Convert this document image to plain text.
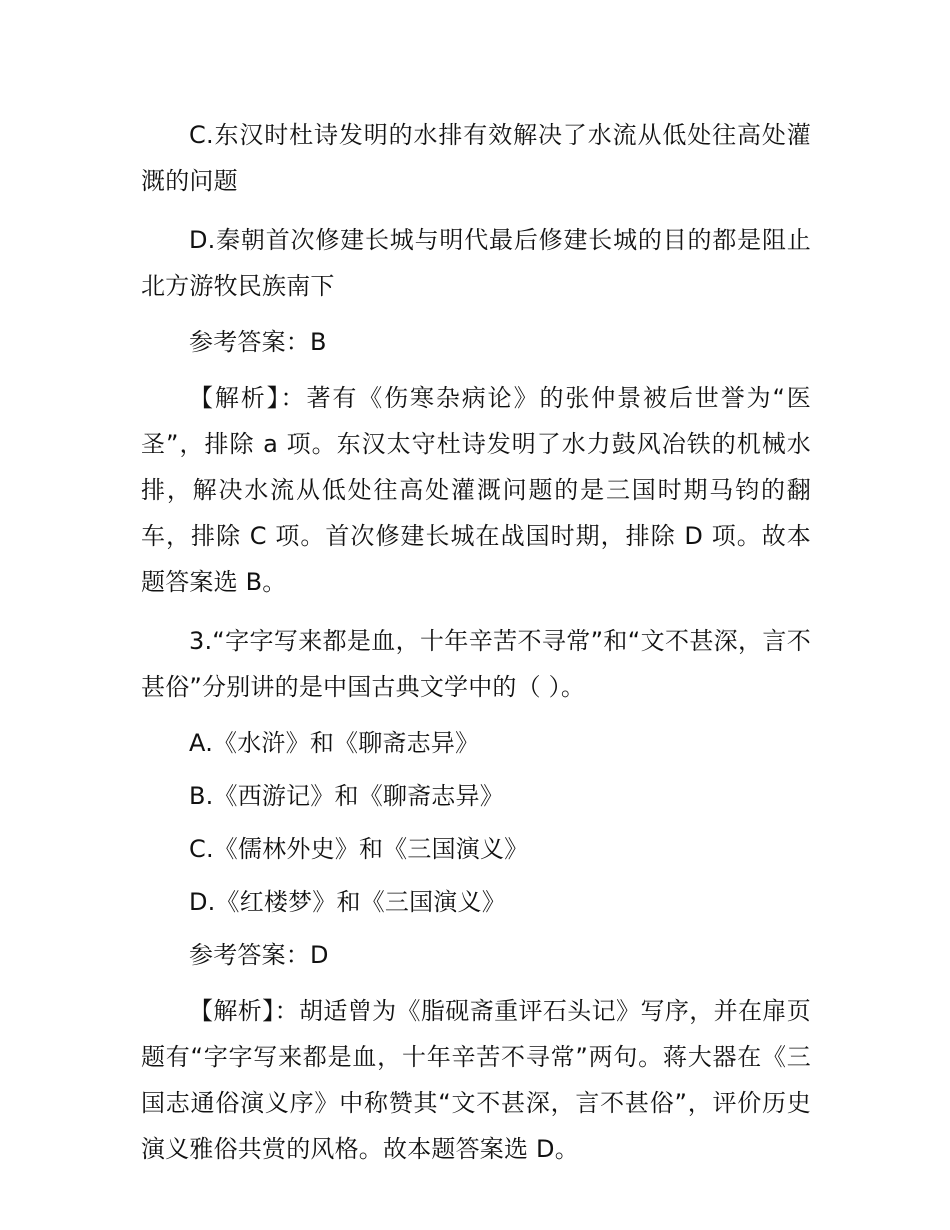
C.东汉时杜诗发明的水排有效解决了水流从低处往高处灌溉的问题

D.秦朝首次修建长城与明代最后修建长城的目的都是阻止北方游牧民族南下

参考答案：B

【解析】：著有《伤寒杂病论》的张仲景被后世誉为“医圣”，排除 a 项。东汉太守杜诗发明了水力鼓风冶铁的机械水排，解决水流从低处往高处灌溉问题的是三国时期马钧的翻车，排除 C 项。首次修建长城在战国时期，排除 D 项。故本题答案选 B。

3.“字字写来都是血，十年辛苦不寻常”和“文不甚深，言不甚俗”分别讲的是中国古典文学中的（ ）。

A.《水浒》和《聊斋志异》

B.《西游记》和《聊斋志异》

C.《儒林外史》和《三国演义》

D.《红楼梦》和《三国演义》

参考答案：D

【解析】：胡适曾为《脂砚斋重评石头记》写序，并在扉页题有“字字写来都是血，十年辛苦不寻常”两句。蒋大器在《三国志通俗演义序》中称赞其“文不甚深，言不甚俗”，评价历史演义雅俗共赏的风格。故本题答案选 D。
